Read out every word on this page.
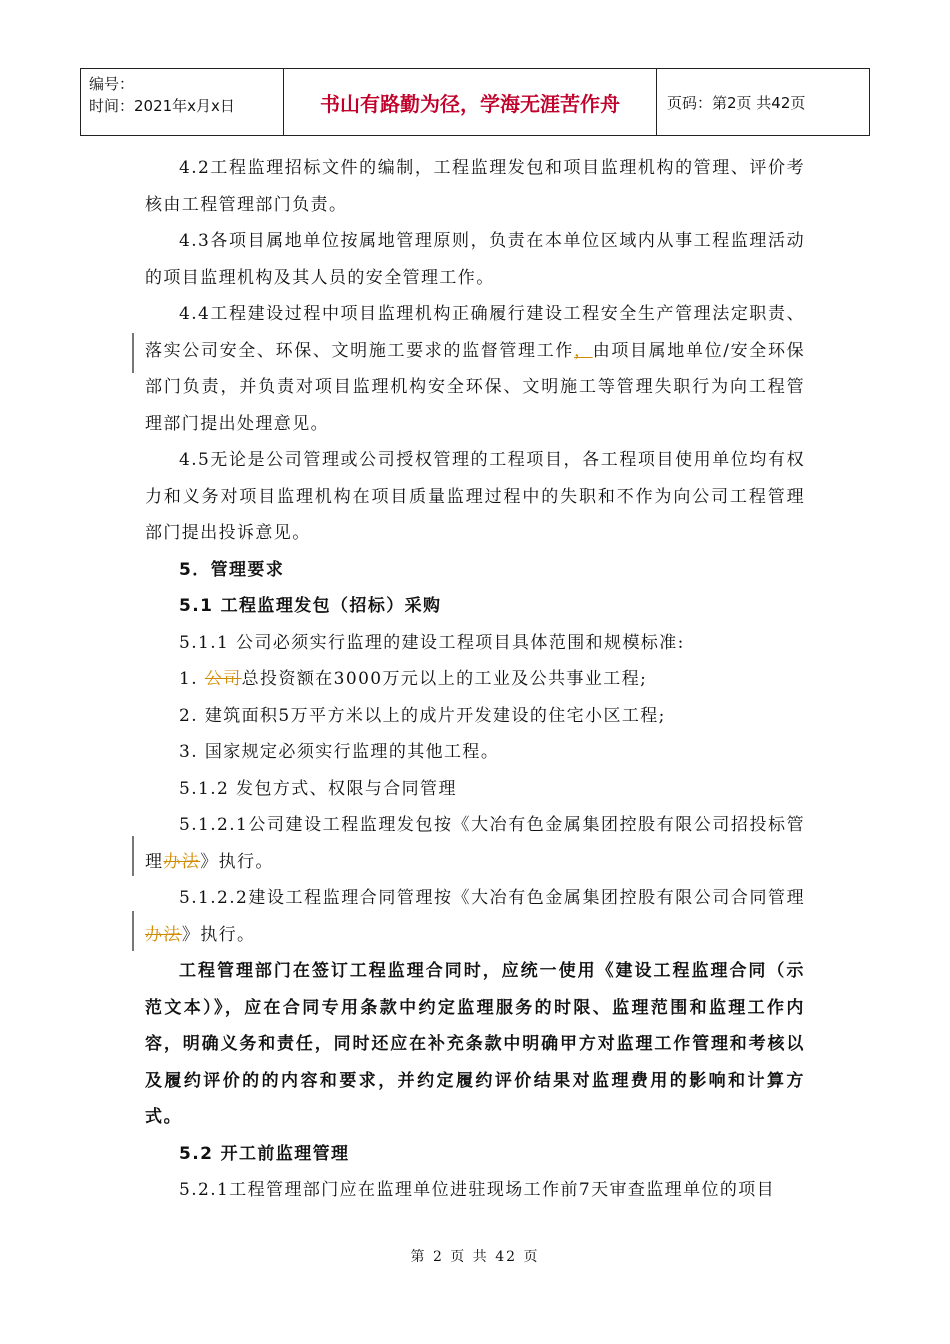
编号：
时间：2021年x月x日	书山有路勤为径，学海无涯苦作舟	页码：第2页 共42页

4.2工程监理招标文件的编制，工程监理发包和项目监理机构的管理、评价考核由工程管理部门负责。

4.3各项目属地单位按属地管理原则，负责在本单位区域内从事工程监理活动的项目监理机构及其人员的安全管理工作。

4.4工程建设过程中项目监理机构正确履行建设工程安全生产管理法定职责、落实公司安全、环保、文明施工要求的监督管理工作，由项目属地单位/安全环保部门负责，并负责对项目监理机构安全环保、文明施工等管理失职行为向工程管理部门提出处理意见。

4.5无论是公司管理或公司授权管理的工程项目，各工程项目使用单位均有权力和义务对项目监理机构在项目质量监理过程中的失职和不作为向公司工程管理部门提出投诉意见。

5．管理要求

5.1 工程监理发包（招标）采购

5.1.1 公司必须实行监理的建设工程项目具体范围和规模标准:

1. 公司总投资额在3000万元以上的工业及公共事业工程;

2. 建筑面积5万平方米以上的成片开发建设的住宅小区工程;

3. 国家规定必须实行监理的其他工程。

5.1.2 发包方式、权限与合同管理

5.1.2.1公司建设工程监理发包按《大冶有色金属集团控股有限公司招投标管理办法》执行。

5.1.2.2建设工程监理合同管理按《大冶有色金属集团控股有限公司合同管理办法》执行。

工程管理部门在签订工程监理合同时，应统一使用《建设工程监理合同（示范文本）》，应在合同专用条款中约定监理服务的时限、监理范围和监理工作内容，明确义务和责任，同时还应在补充条款中明确甲方对监理工作管理和考核以及履约评价的的内容和要求，并约定履约评价结果对监理费用的影响和计算方式。

5.2 开工前监理管理

5.2.1工程管理部门应在监理单位进驻现场工作前7天审查监理单位的项目

第 2 页 共 42 页
